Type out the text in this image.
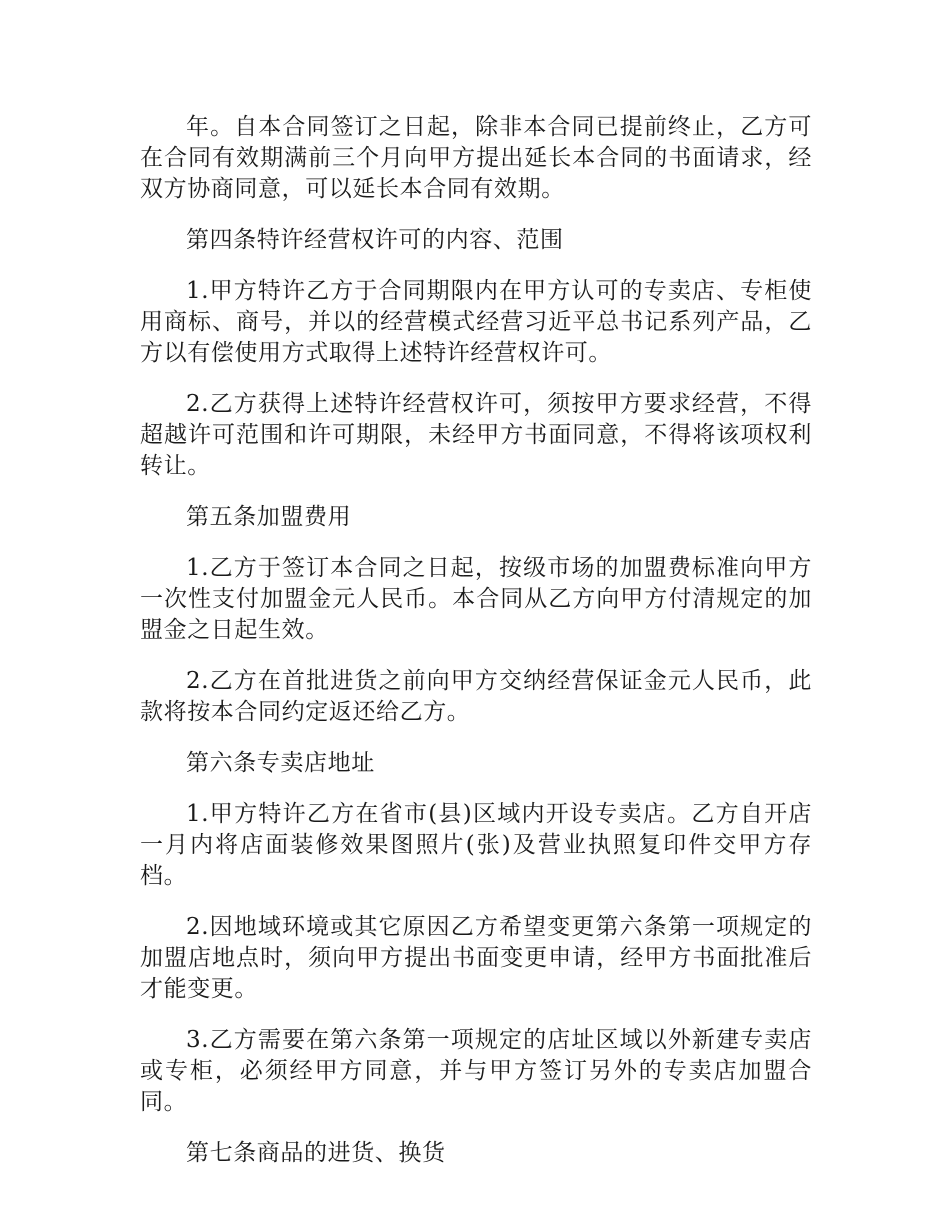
年。自本合同签订之日起，除非本合同已提前终止，乙方可在合同有效期满前三个月向甲方提出延长本合同的书面请求，经双方协商同意，可以延长本合同有效期。

第四条特许经营权许可的内容、范围

1.甲方特许乙方于合同期限内在甲方认可的专卖店、专柜使用商标、商号，并以的经营模式经营习近平总书记系列产品，乙方以有偿使用方式取得上述特许经营权许可。

2.乙方获得上述特许经营权许可，须按甲方要求经营，不得超越许可范围和许可期限，未经甲方书面同意，不得将该项权利转让。

第五条加盟费用

1.乙方于签订本合同之日起，按级市场的加盟费标准向甲方一次性支付加盟金元人民币。本合同从乙方向甲方付清规定的加盟金之日起生效。

2.乙方在首批进货之前向甲方交纳经营保证金元人民币，此款将按本合同约定返还给乙方。

第六条专卖店地址

1.甲方特许乙方在省市(县)区域内开设专卖店。乙方自开店一月内将店面装修效果图照片(张)及营业执照复印件交甲方存档。

2.因地域环境或其它原因乙方希望变更第六条第一项规定的加盟店地点时，须向甲方提出书面变更申请，经甲方书面批准后才能变更。

3.乙方需要在第六条第一项规定的店址区域以外新建专卖店或专柜，必须经甲方同意，并与甲方签订另外的专卖店加盟合同。

第七条商品的进货、换货
